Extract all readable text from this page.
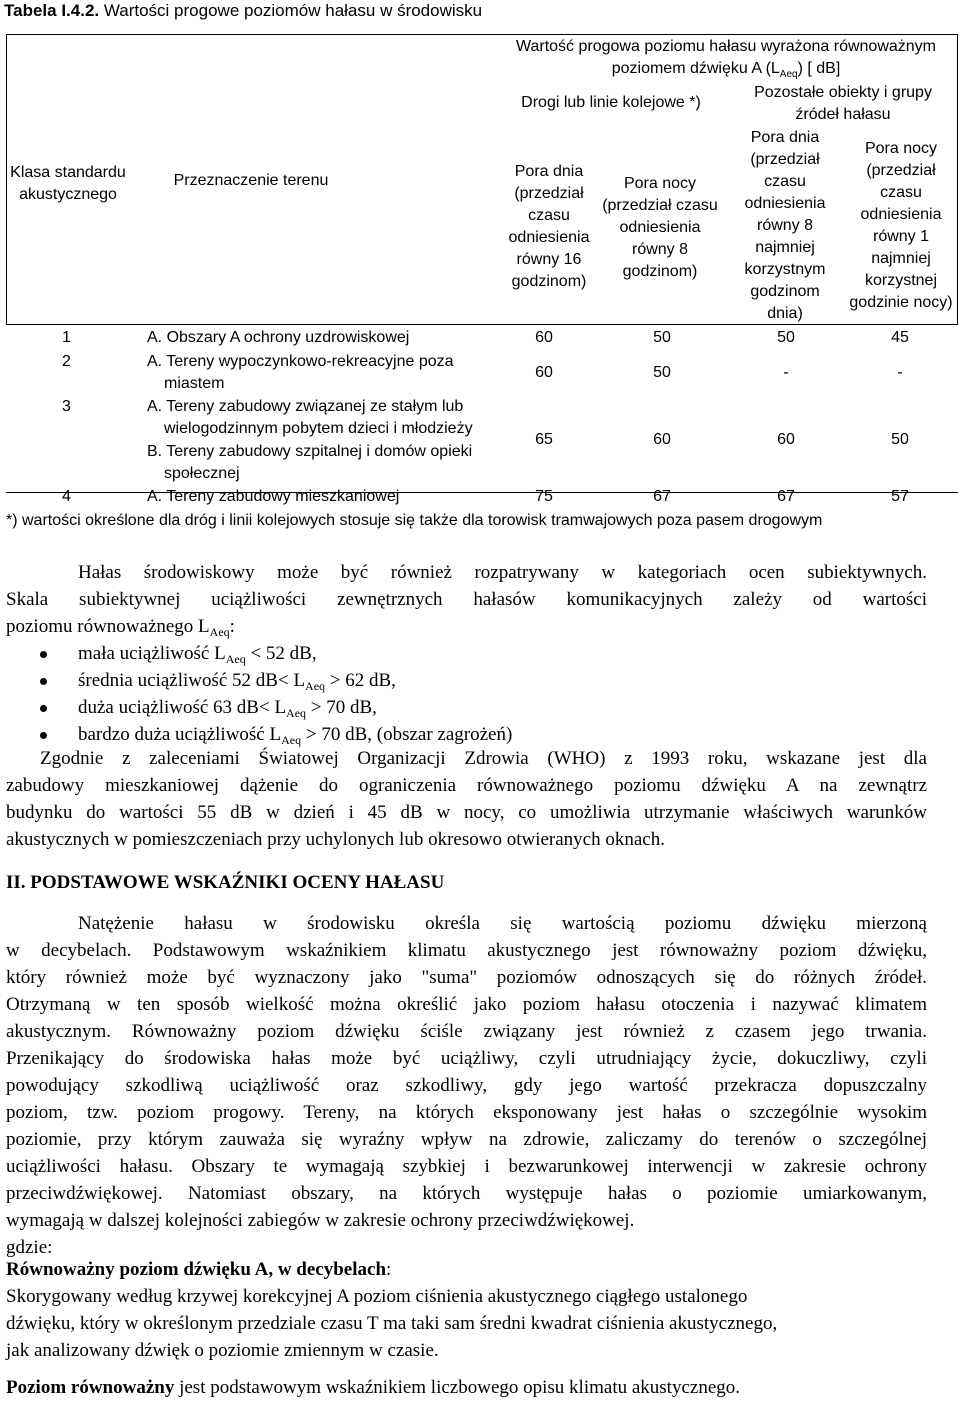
Tabela I.4.2. Wartości progowe poziomów hałasu w środowisku
Klasa standardu akustycznego
Przeznaczenie terenu
Wartość progowa poziomu hałasu wyrażona równoważnym
poziomem dźwięku A $(L_{Aeq})$ [ dB]
Drogi lub linie kolejowe *)
Pozostałe obiekty i grupy źródeł hałasu
Pora dnia (przedział czasu odniesienia równy 16 godzinom)
Pora nocy (przedział czasu odniesienia równy 8 godzinom)
Pora dnia (przedział czasu odniesienia równy 8 najmniej korzystnym godzinom dnia)
Pora nocy (przedział czasu odniesienia równy 1 najmniej korzystnej godzinie nocy)
1	A. Obszary A ochrony uzdrowiskowej	60	50	50	45
2	A. Tereny wypoczynkowo-rekreacyjne poza
miastem
60	50	-	-
3	A. Tereny zabudowy związanej ze stałym lub
wielogodzinnym pobytem dzieci i młodzieży
B. Tereny zabudowy szpitalnej i domów opieki
społecznej
65	60	60	50
4	A. Tereny zabudowy mieszkaniowej	75	67	67	57
*) wartości określone dla dróg i linii kolejowych stosuje się także dla torowisk tramwajowych poza pasem drogowym
Hałas środowiskowy może być również rozpatrywany w kategoriach ocen subiektywnych.
Skala subiektywnej uciążliwości zewnętrznych hałasów komunikacyjnych zależy od wartości
poziomu równoważnego $L_{Aeq}$:
mała uciążliwość $L_{Aeq} < 52$ dB,
średnia uciążliwość 52 $dB< L_{Aeq} > 62$ dB,
duża uciążliwość 63 $dB< L_{Aeq} > 70$ dB,
bardzo duża uciążliwość $L_{Aeq} > 70$ dB, (obszar zagrożeń)
Zgodnie z zaleceniami Światowej Organizacji Zdrowia (WHO) z 1993 roku, wskazane jest dla
zabudowy mieszkaniowej dążenie do ograniczenia równoważnego poziomu dźwięku A na zewnątrz
budynku do wartości 55 dB w dzień i 45 dB w nocy, co umożliwia utrzymanie właściwych warunków
akustycznych w pomieszczeniach przy uchylonych lub okresowo otwieranych oknach.
II. PODSTAWOWE WSKAŹNIKI OCENY HAŁASU
Natężenie hałasu w środowisku określa się wartością poziomu dźwięku mierzoną
w decybelach. Podstawowym wskaźnikiem klimatu akustycznego jest równoważny poziom dźwięku,
który również może być wyznaczony jako "suma" poziomów odnoszących się do różnych źródeł.
Otrzymaną w ten sposób wielkość można określić jako poziom hałasu otoczenia i nazywać klimatem
akustycznym. Równoważny poziom dźwięku ściśle związany jest również z czasem jego trwania.
Przenikający do środowiska hałas może być uciążliwy, czyli utrudniający życie, dokuczliwy, czyli
powodujący szkodliwą uciążliwość oraz szkodliwy, gdy jego wartość przekracza dopuszczalny
poziom, tzw. poziom progowy. Tereny, na których eksponowany jest hałas o szczególnie wysokim
poziomie, przy którym zauważa się wyraźny wpływ na zdrowie, zaliczamy do terenów o szczególnej
uciążliwości hałasu. Obszary te wymagają szybkiej i bezwarunkowej interwencji w zakresie ochrony
przeciwdźwiękowej. Natomiast obszary, na których występuje hałas o poziomie umiarkowanym,
wymagają w dalszej kolejności zabiegów w zakresie ochrony przeciwdźwiękowej.
gdzie:
Równoważny poziom dźwięku A, w decybelach:
Skorygowany według krzywej korekcyjnej A poziom ciśnienia akustycznego ciągłego ustalonego
dźwięku, który w określonym przedziale czasu T ma taki sam średni kwadrat ciśnienia akustycznego,
jak analizowany dźwięk o poziomie zmiennym w czasie.
Poziom równoważny jest podstawowym wskaźnikiem liczbowego opisu klimatu akustycznego.
